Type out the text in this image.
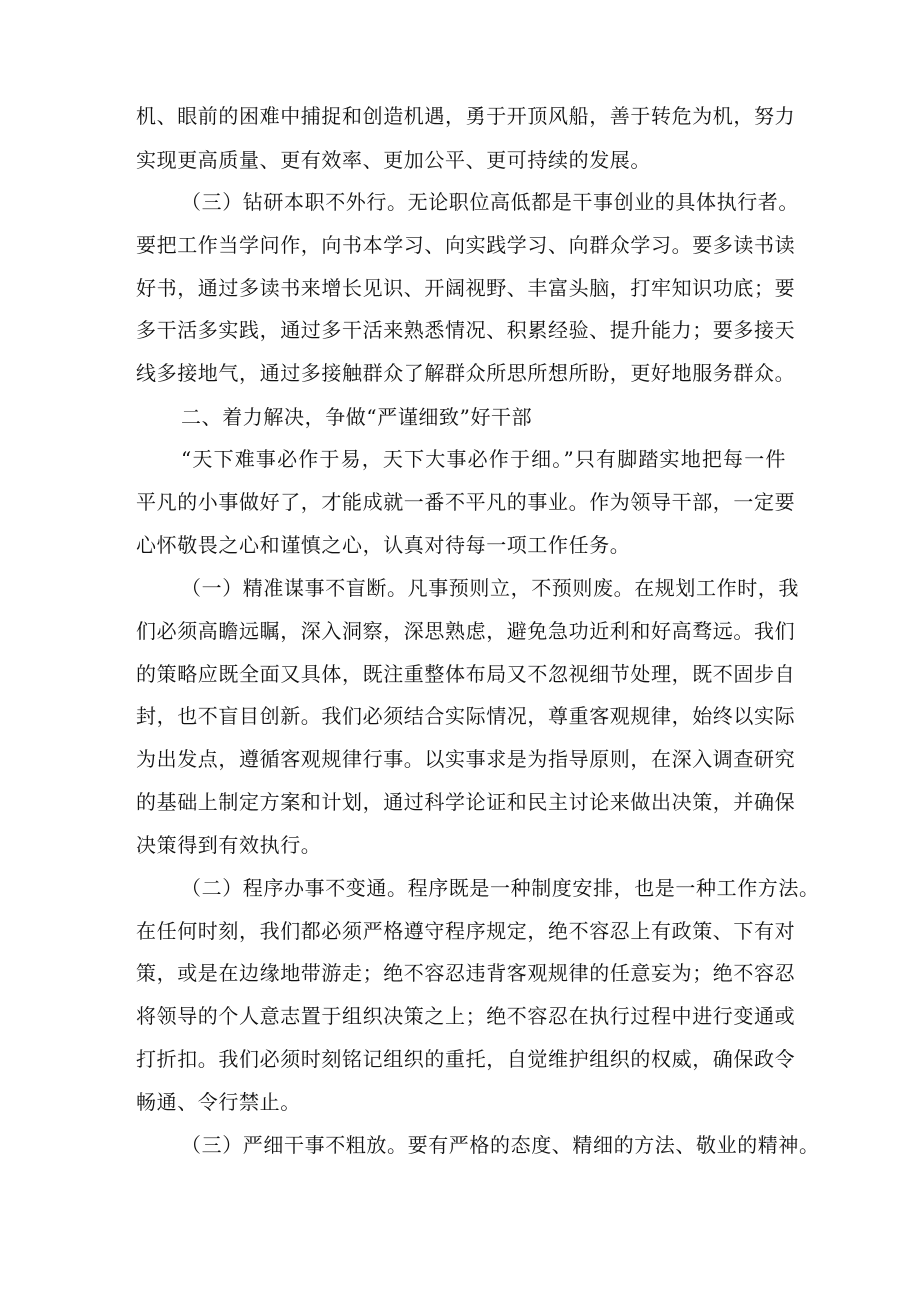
机、眼前的困难中捕捉和创造机遇，勇于开顶风船，善于转危为机，努力
实现更高质量、更有效率、更加公平、更可持续的发展。
（三）钻研本职不外行。无论职位高低都是干事创业的具体执行者。
要把工作当学问作，向书本学习、向实践学习、向群众学习。要多读书读
好书，通过多读书来增长见识、开阔视野、丰富头脑，打牢知识功底；要
多干活多实践，通过多干活来熟悉情况、积累经验、提升能力；要多接天
线多接地气，通过多接触群众了解群众所思所想所盼，更好地服务群众。
二、着力解决，争做“严谨细致”好干部
“天下难事必作于易，天下大事必作于细。”只有脚踏实地把每一件
平凡的小事做好了，才能成就一番不平凡的事业。作为领导干部，一定要
心怀敬畏之心和谨慎之心，认真对待每一项工作任务。
（一）精准谋事不盲断。凡事预则立，不预则废。在规划工作时，我
们必须高瞻远瞩，深入洞察，深思熟虑，避免急功近利和好高骛远。我们
的策略应既全面又具体，既注重整体布局又不忽视细节处理，既不固步自
封，也不盲目创新。我们必须结合实际情况，尊重客观规律，始终以实际
为出发点，遵循客观规律行事。以实事求是为指导原则，在深入调查研究
的基础上制定方案和计划，通过科学论证和民主讨论来做出决策，并确保
决策得到有效执行。
（二）程序办事不变通。程序既是一种制度安排，也是一种工作方法。
在任何时刻，我们都必须严格遵守程序规定，绝不容忍上有政策、下有对
策，或是在边缘地带游走；绝不容忍违背客观规律的任意妄为；绝不容忍
将领导的个人意志置于组织决策之上；绝不容忍在执行过程中进行变通或
打折扣。我们必须时刻铭记组织的重托，自觉维护组织的权威，确保政令
畅通、令行禁止。
（三）严细干事不粗放。要有严格的态度、精细的方法、敬业的精神。
